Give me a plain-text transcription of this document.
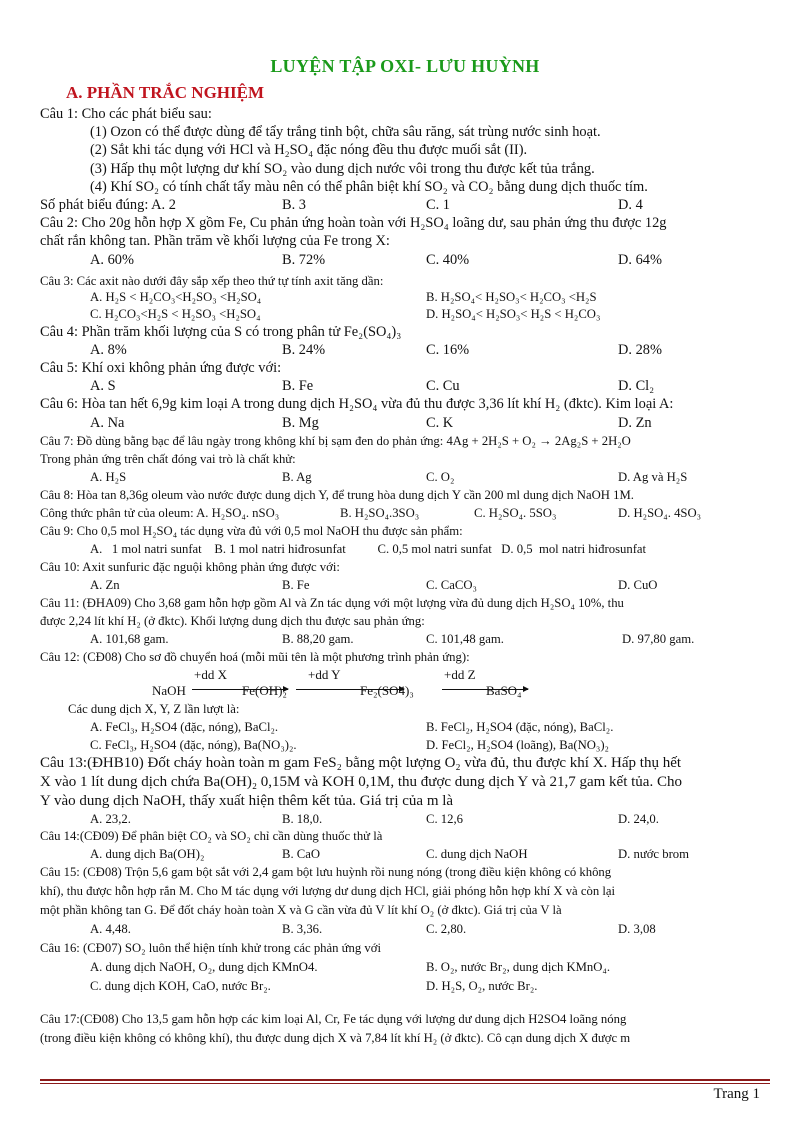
LUYỆN TẬP OXI- LƯU HUỲNH
A. PHẦN TRẮC NGHIỆM
Câu 1: Cho các phát biểu sau:
(1) Ozon có thể được dùng để tẩy trắng tinh bột, chữa sâu răng, sát trùng nước sinh hoạt.
(2) Sắt khi tác dụng với HCl và H₂SO₄ đặc nóng đều thu được muối sắt (II).
(3) Hấp thụ một lượng dư khí SO₂ vào dung dịch nước vôi trong thu được kết tủa trắng.
(4) Khí SO₂ có tính chất tẩy màu nên có thể phân biệt khí SO₂ và CO₂ bằng dung dịch thuốc tím.
Số phát biểu đúng: A. 2	B. 3	C. 1	D. 4
Câu 2: Cho 20g hỗn hợp X gồm Fe, Cu phản ứng hoàn toàn với H₂SO₄ loãng dư, sau phản ứng thu được 12g
chất rắn không tan. Phần trăm về khối lượng của Fe trong X:
A. 60%	B. 72%	C. 40%	D. 64%
Câu 3: Các axit nào dưới đây sắp xếp theo thứ tự tính axit tăng dần:
A. H₂S < H₂CO₃<H₂SO₃ <H₂SO₄	B. H₂SO₄< H₂SO₃< H₂CO₃ <H₂S
C. H₂CO₃<H₂S < H₂SO₃ <H₂SO₄	D. H₂SO₄< H₂SO₃< H₂S < H₂CO₃
Câu 4: Phần trăm khối lượng của S có trong phân tử Fe₂(SO₄)₃
A. 8%	B. 24%	C. 16%	D. 28%
Câu 5: Khí oxi không phản ứng được với:
A. S	B. Fe	C. Cu	D. Cl₂
Câu 6: Hòa tan hết 6,9g kim loại A trong dung dịch H₂SO₄ vừa đủ thu được 3,36 lít khí H₂ (đktc). Kim loại A:
A. Na	B. Mg	C. K	D. Zn
Câu 7: Đồ dùng bằng bạc để lâu ngày trong không khí bị sạm đen do phản ứng: 4Ag + 2H₂S + O₂ → 2Ag₂S + 2H₂O
Trong phản ứng trên chất đóng vai trò là chất khử:
A. H₂S	B. Ag	C. O₂	D. Ag và H₂S
Câu 8: Hòa tan 8,36g oleum vào nước được dung dịch Y, để trung hòa dung dịch Y cần 200 ml dung dịch NaOH 1M.
Công thức phân tử của oleum: A. H₂SO₄. nSO₃	B. H₂SO₄.3SO₃	C. H₂SO₄. 5SO₃	D. H₂SO₄. 4SO₃
Câu 9: Cho 0,5 mol H₂SO₄ tác dụng vừa đủ với 0,5 mol NaOH thu được sản phẩm:
A.   1 mol natri sunfat    B. 1 mol natri hiđrosunfat          C. 0,5 mol natri sunfat   D. 0,5  mol natri hiđrosunfat
Câu 10: Axit sunfuric đặc nguội không phản ứng được với:
A. Zn	B. Fe	C. CaCO₃	D. CuO
Câu 11: (ĐHA09) Cho 3,68 gam hỗn hợp gồm Al và Zn tác dụng với một lượng vừa đủ dung dịch H₂SO₄ 10%, thu
được 2,24 lít khí H₂ (ở đktc). Khối lượng dung dịch thu được sau phản ứng:
A. 101,68 gam.	B. 88,20 gam.	C. 101,48 gam.	D. 97,80 gam.
Câu 12: (CĐ08) Cho sơ đồ chuyển hoá (mỗi mũi tên là một phương trình phản ứng):
NaOH
+dd X
Fe(OH)₂
+dd Y
Fe₂(SO4)₃
+dd Z
BaSO₄
Các dung dịch X, Y, Z lần lượt là:
A. FeCl₃, H₂SO4 (đặc, nóng), BaCl₂.	B. FeCl₂, H₂SO4 (đặc, nóng), BaCl₂.
C. FeCl₃, H₂SO4 (đặc, nóng), Ba(NO₃)₂.	D. FeCl₂, H₂SO4 (loãng), Ba(NO₃)₂
Câu 13:(ĐHB10) Đốt cháy hoàn toàn m gam FeS₂ bằng một lượng O₂ vừa đủ, thu được khí X. Hấp thụ hết
X vào 1 lít dung dịch chứa Ba(OH)₂ 0,15M và KOH 0,1M, thu được dung dịch Y và 21,7 gam kết tủa. Cho
Y vào dung dịch NaOH, thấy xuất hiện thêm kết tủa. Giá trị của m là
A. 23,2.	B. 18,0.	C. 12,6	D. 24,0.
Câu 14:(CĐ09) Để phân biệt CO₂ và SO₂ chỉ cần dùng thuốc thử là
A. dung dịch Ba(OH)₂	B. CaO	C. dung dịch NaOH	D. nước brom
Câu 15: (CĐ08) Trộn 5,6 gam bột sắt với 2,4 gam bột lưu huỳnh rồi nung nóng (trong điều kiện không có không
khí), thu được hỗn hợp rắn M. Cho M tác dụng với lượng dư dung dịch HCl, giải phóng hỗn hợp khí X và còn lại
một phần không tan G. Để đốt cháy hoàn toàn X và G cần vừa đủ V lít khí O₂ (ở đktc). Giá trị của V là
A. 4,48.	B. 3,36.	C. 2,80.	D. 3,08
Câu 16: (CĐ07) SO₂ luôn thể hiện tính khử trong các phản ứng với
A. dung dịch NaOH, O₂, dung dịch KMnO4.	B. O₂, nước Br₂, dung dịch KMnO₄.
C. dung dịch KOH, CaO, nước Br₂.	D. H₂S, O₂, nước Br₂.
Câu 17:(CĐ08) Cho 13,5 gam hỗn hợp các kim loại Al, Cr, Fe tác dụng với lượng dư dung dịch H2SO4 loãng nóng
(trong điều kiện không có không khí), thu được dung dịch X và 7,84 lít khí H₂ (ở đktc). Cô cạn dung dịch X được m
Trang 1
